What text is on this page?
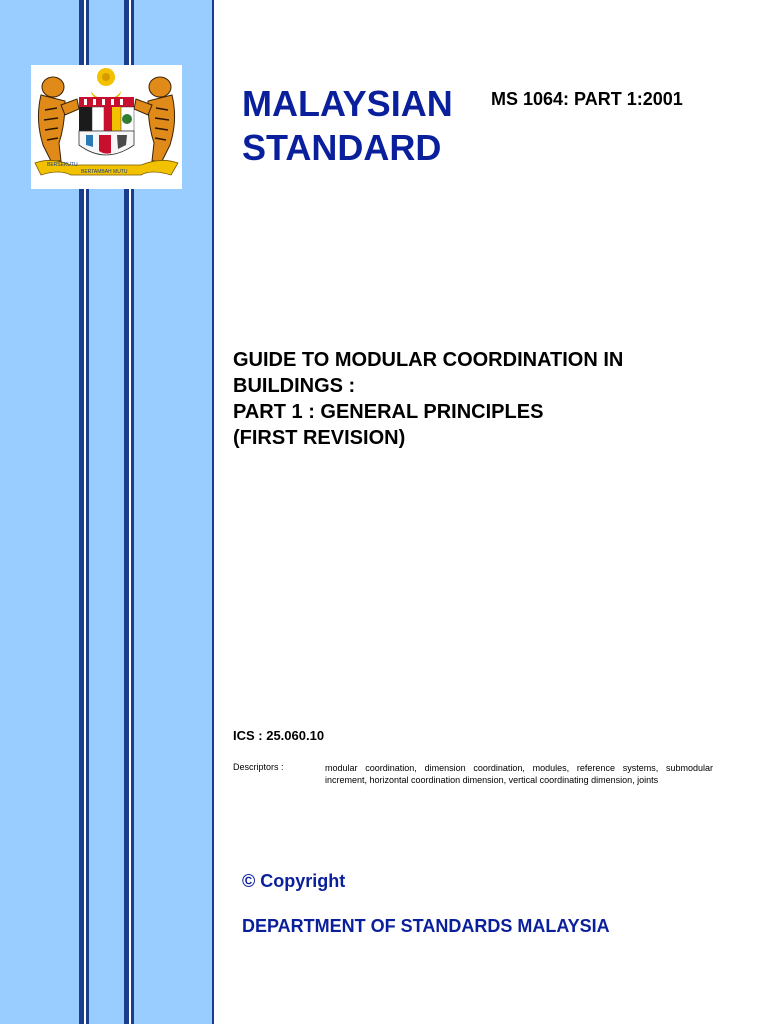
BERSEKUTU
BERTAMBAH MUTU
MALAYSIAN
STANDARD

MS 1064: PART 1:2001

GUIDE TO MODULAR COORDINATION IN
BUILDINGS :
PART 1 : GENERAL PRINCIPLES
(FIRST REVISION)
ICS : 25.060.10
Descriptors :	modular coordination, dimension coordination, modules, reference systems, submodular increment, horizontal coordination dimension, vertical coordinating dimension, joints
© Copyright
DEPARTMENT OF STANDARDS MALAYSIA
